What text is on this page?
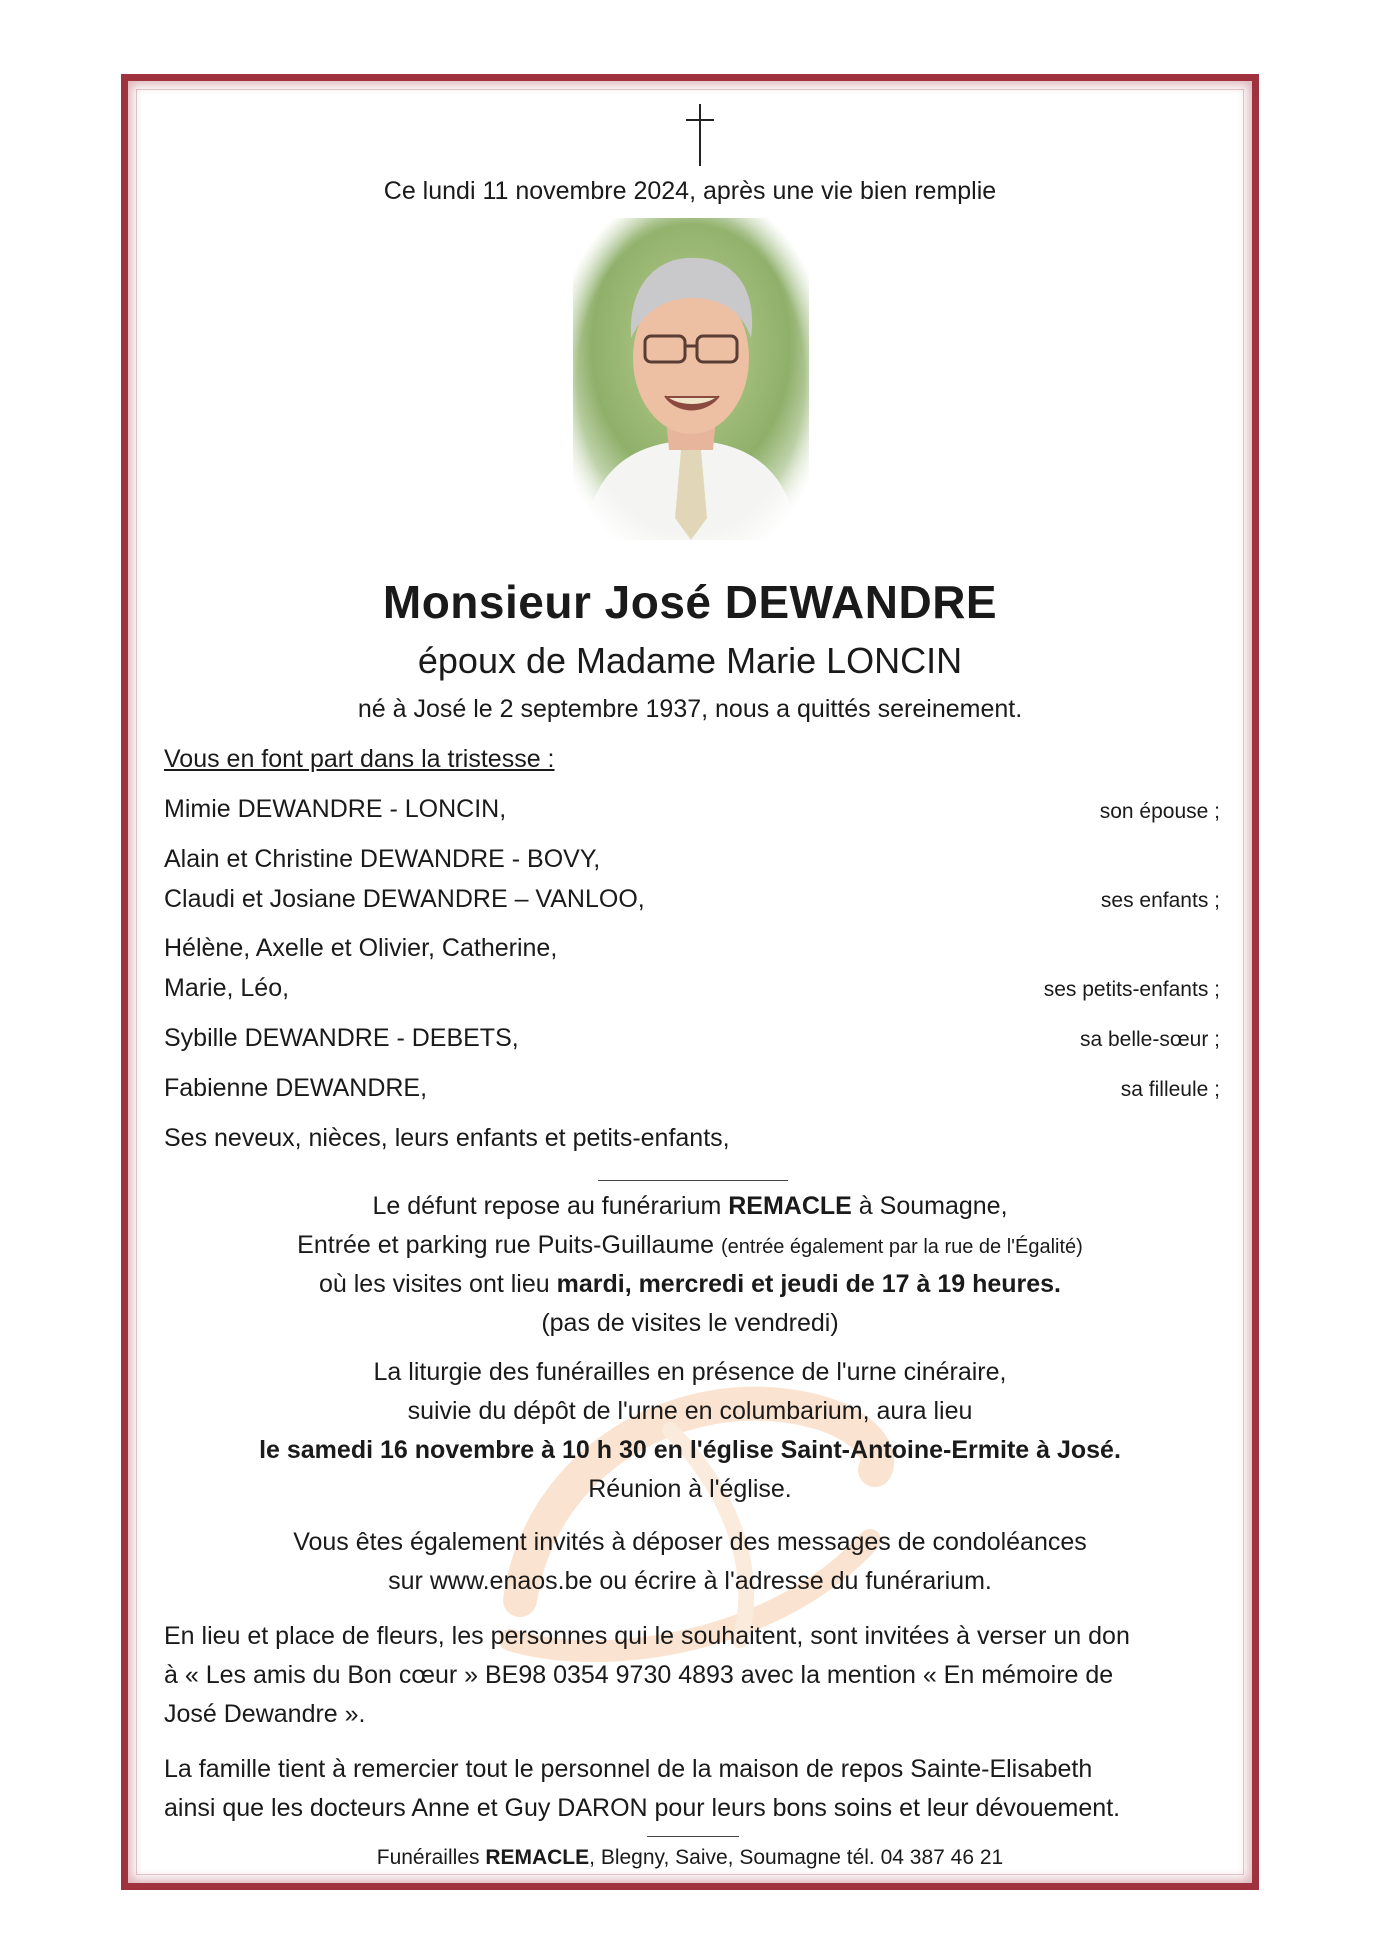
Ce lundi 11 novembre 2024, après une vie bien remplie
Monsieur José DEWANDRE
époux de Madame Marie LONCIN
né à José le 2 septembre 1937, nous a quittés sereinement.
Vous en font part dans la tristesse :
Mimie DEWANDRE - LONCIN,	son épouse ;
Alain et Christine DEWANDRE - BOVY,
Claudi et Josiane DEWANDRE – VANLOO,	ses enfants ;
Hélène, Axelle et Olivier, Catherine,
Marie, Léo,	ses petits-enfants ;
Sybille DEWANDRE - DEBETS,	sa belle-sœur ;
Fabienne DEWANDRE,	sa filleule ;
Ses neveux, nièces, leurs enfants et petits-enfants,
Le défunt repose au funérarium REMACLE à Soumagne,
Entrée et parking rue Puits-Guillaume (entrée également par la rue de l'Égalité)
où les visites ont lieu mardi, mercredi et jeudi de 17 à 19 heures.
(pas de visites le vendredi)
La liturgie des funérailles en présence de l'urne cinéraire,
suivie du dépôt de l'urne en columbarium, aura lieu
le samedi 16 novembre à 10 h 30 en l'église Saint-Antoine-Ermite à José.
Réunion à l'église.
Vous êtes également invités à déposer des messages de condoléances
sur www.enaos.be ou écrire à l'adresse du funérarium.
En lieu et place de fleurs, les personnes qui le souhaitent, sont invitées à verser un don
à « Les amis du Bon cœur » BE98 0354 9730 4893 avec la mention « En mémoire de
José Dewandre ».
La famille tient à remercier tout le personnel de la maison de repos Sainte-Elisabeth
ainsi que les docteurs Anne et Guy DARON pour leurs bons soins et leur dévouement.
Funérailles REMACLE, Blegny, Saive, Soumagne tél. 04 387 46 21
